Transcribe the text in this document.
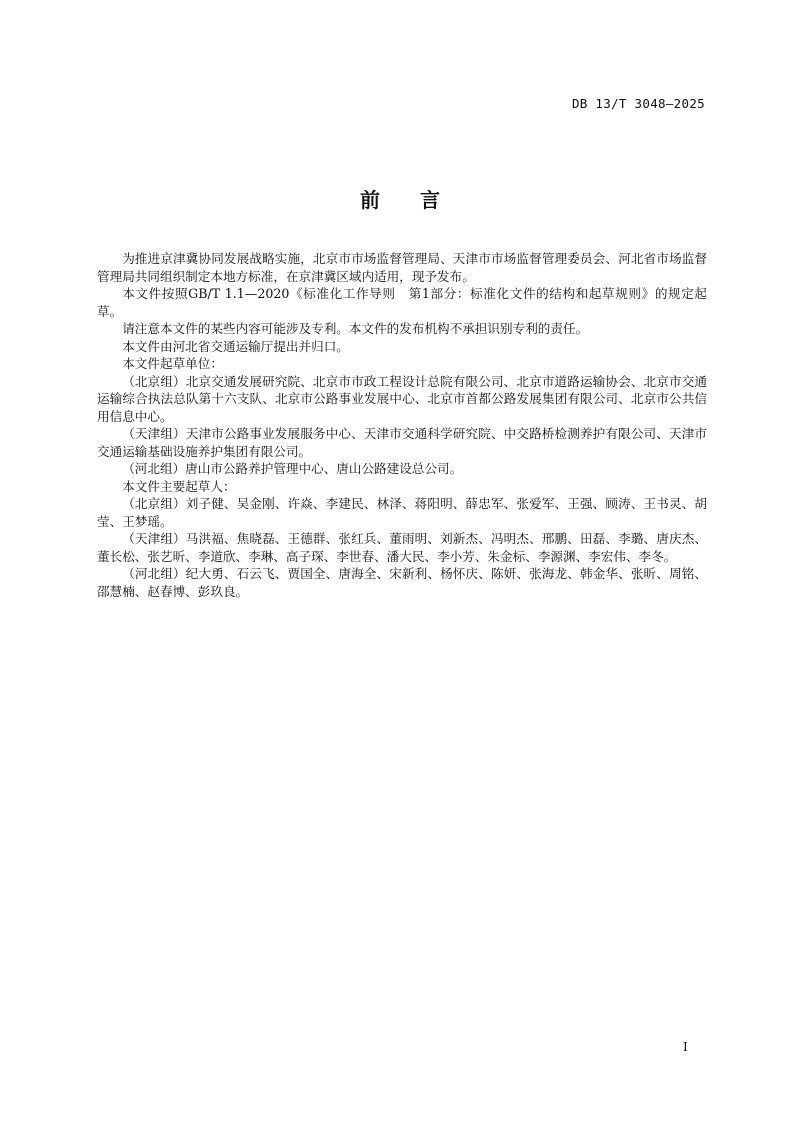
DB 13/T 3048—2025
前 言

为推进京津冀协同发展战略实施，北京市市场监督管理局、天津市市场监督管理委员会、河北省市场监督管理局共同组织制定本地方标准，在京津冀区域内适用，现予发布。

本文件按照GB/T 1.1—2020《标准化工作导则　第1部分：标准化文件的结构和起草规则》的规定起草。

请注意本文件的某些内容可能涉及专利。本文件的发布机构不承担识别专利的责任。

本文件由河北省交通运输厅提出并归口。

本文件起草单位：

（北京组）北京交通发展研究院、北京市市政工程设计总院有限公司、北京市道路运输协会、北京市交通运输综合执法总队第十六支队、北京市公路事业发展中心、北京市首都公路发展集团有限公司、北京市公共信用信息中心。

（天津组）天津市公路事业发展服务中心、天津市交通科学研究院、中交路桥检测养护有限公司、天津市交通运输基础设施养护集团有限公司。

（河北组）唐山市公路养护管理中心、唐山公路建设总公司。

本文件主要起草人：

（北京组）刘子健、吴金刚、许焱、李建民、林泽、蒋阳明、薛忠军、张爱军、王强、顾涛、王书灵、胡莹、王梦瑶。

（天津组）马洪福、焦晓磊、王德群、张红兵、董雨明、刘新杰、冯明杰、邢鹏、田磊、李璐、唐庆杰、董长松、张艺昕、李道欣、李琳、高子琛、李世春、潘大民、李小芳、朱金标、李源渊、李宏伟、李冬。

（河北组）纪大勇、石云飞、贾国全、唐海全、宋新利、杨怀庆、陈妍、张海龙、韩金华、张昕、周铭、邵慧楠、赵春博、彭玖良。

I
